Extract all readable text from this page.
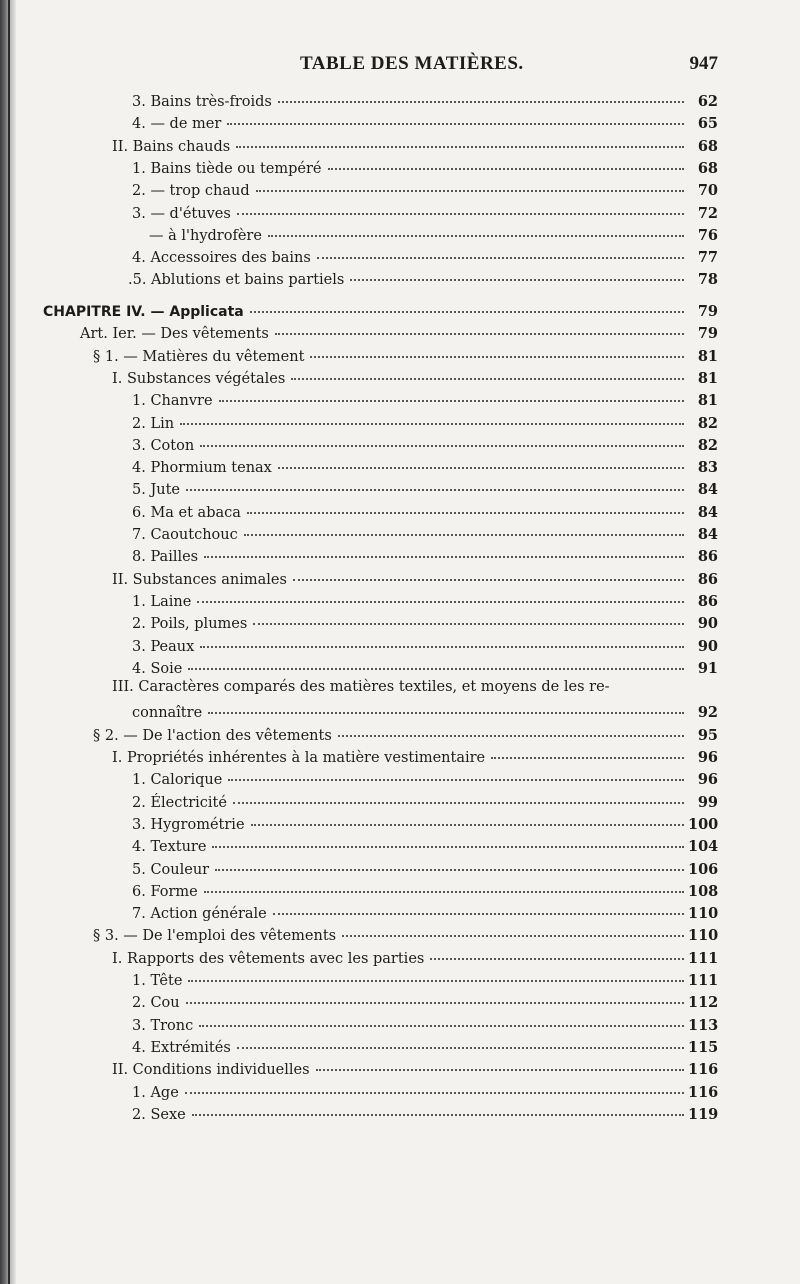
TABLE DES MATIÈRES.	947
3. Bains très-froids	62
4. — de mer	65
II. Bains chauds	68
1. Bains tiède ou tempéré	68
2. — trop chaud	70
3. — d'étuves	72
— à l'hydrofère	76
4. Accessoires des bains	77
.5. Ablutions et bains partiels	78
CHAPITRE IV. — Applicata	79
Art. Ier. — Des vêtements	79
§ 1. — Matières du vêtement	81
I. Substances végétales	81
1. Chanvre	81
2. Lin	82
3. Coton	82
4. Phormium tenax	83
5. Jute	84
6. Ma et abaca	84
7. Caoutchouc	84
8. Pailles	86
II. Substances animales	86
1. Laine	86
2. Poils, plumes	90
3. Peaux	90
4. Soie	91
III. Caractères comparés des matières textiles, et moyens de les re-
connaître	92
§ 2. — De l'action des vêtements	95
I. Propriétés inhérentes à la matière vestimentaire	96
1. Calorique	96
2. Électricité	99
3. Hygrométrie	100
4. Texture	104
5. Couleur	106
6. Forme	108
7. Action générale	110
§ 3. — De l'emploi des vêtements	110
I. Rapports des vêtements avec les parties	111
1. Tête	111
2. Cou	112
3. Tronc	113
4. Extrémités	115
II. Conditions individuelles	116
1. Age	116
2. Sexe	119
